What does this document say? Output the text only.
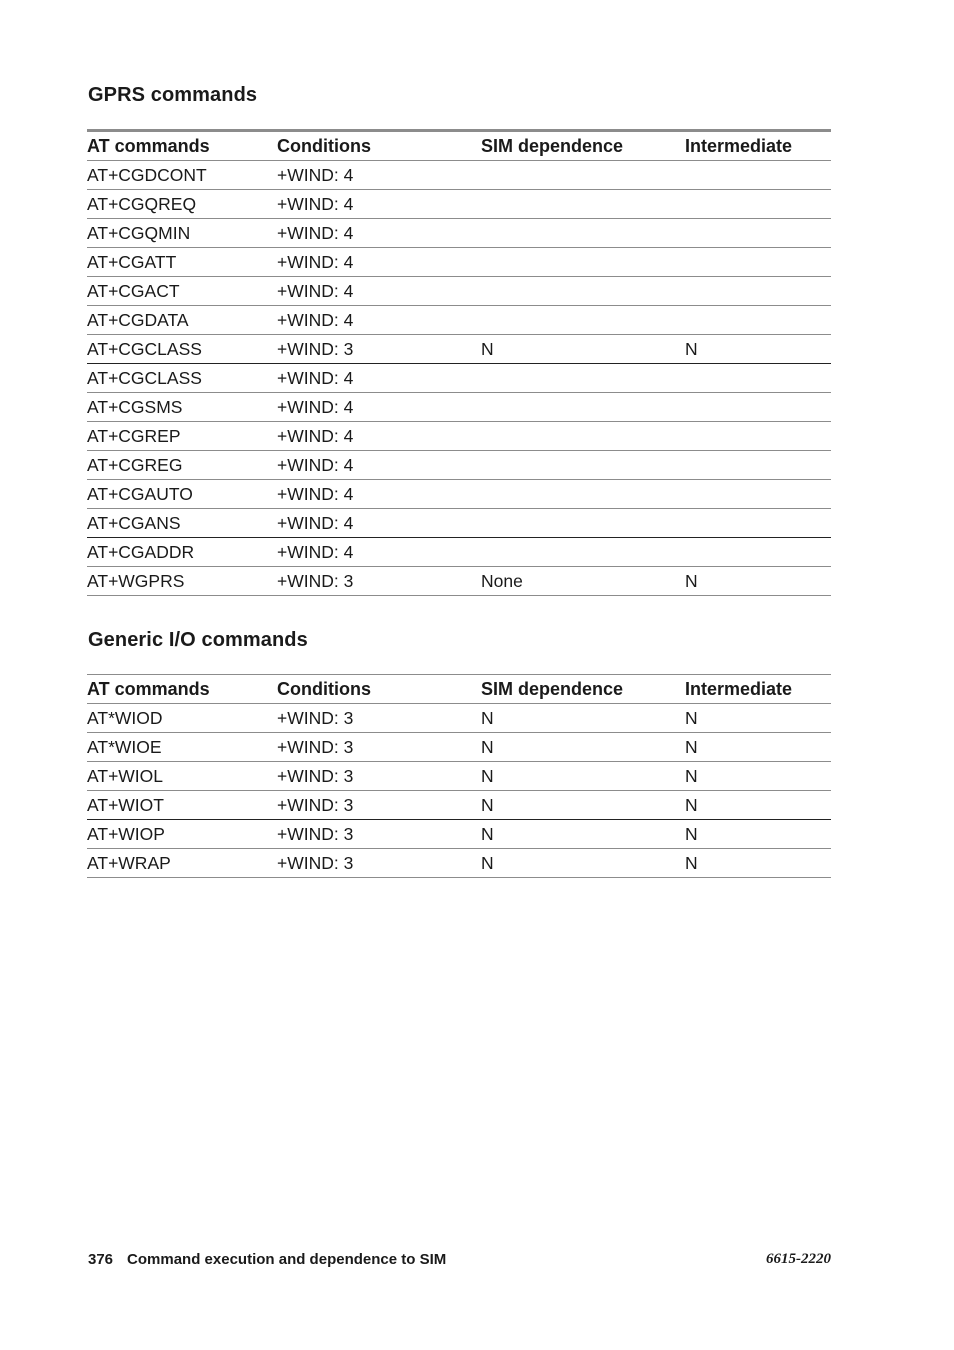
GPRS commands
AT commands	Conditions	SIM dependence	Intermediate
AT+CGDCONT	+WIND: 4		
AT+CGQREQ	+WIND: 4		
AT+CGQMIN	+WIND: 4		
AT+CGATT	+WIND: 4		
AT+CGACT	+WIND: 4		
AT+CGDATA	+WIND: 4		
AT+CGCLASS	+WIND: 3	N	N
AT+CGCLASS	+WIND: 4		
AT+CGSMS	+WIND: 4		
AT+CGREP	+WIND: 4		
AT+CGREG	+WIND: 4		
AT+CGAUTO	+WIND: 4		
AT+CGANS	+WIND: 4		
AT+CGADDR	+WIND: 4		
AT+WGPRS	+WIND: 3	None	N
Generic I/O commands
AT commands	Conditions	SIM dependence	Intermediate
AT*WIOD	+WIND: 3	N	N
AT*WIOE	+WIND: 3	N	N
AT+WIOL	+WIND: 3	N	N
AT+WIOT	+WIND: 3	N	N
AT+WIOP	+WIND: 3	N	N
AT+WRAP	+WIND: 3	N	N
376 Command execution and dependence to SIM	6615-2220
